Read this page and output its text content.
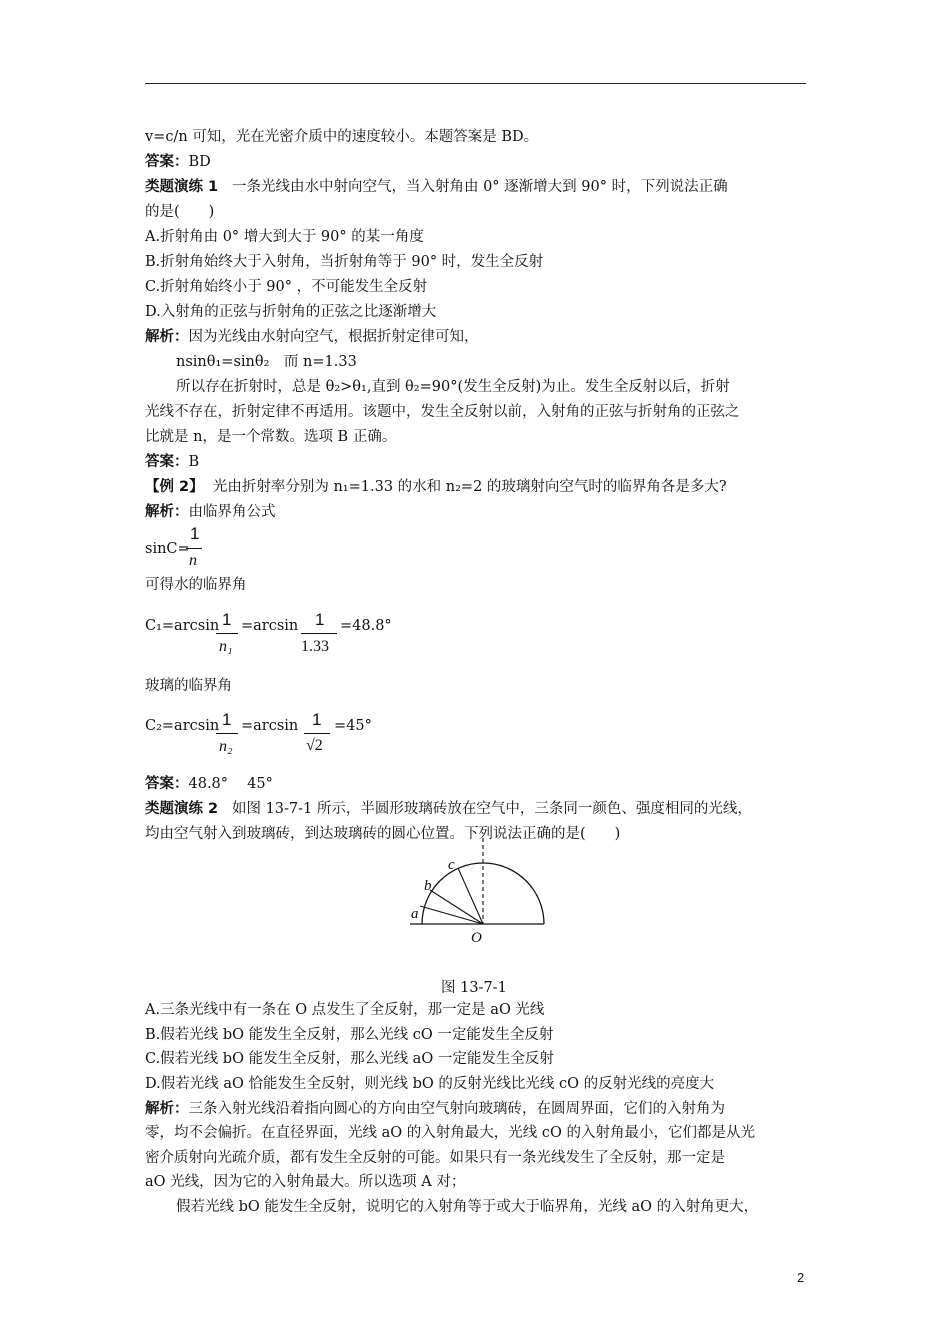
v=c/n 可知，光在光密介质中的速度较小。本题答案是 BD。
答案：BD
类题演练 1 一条光线由水中射向空气，当入射角由 0° 逐渐增大到 90° 时，下列说法正确
的是(　　)
A.折射角由 0° 增大到大于 90° 的某一角度
B.折射角始终大于入射角，当折射角等于 90° 时，发生全反射
C.折射角始终小于 90° ，不可能发生全反射
D.入射角的正弦与折射角的正弦之比逐渐增大
解析：因为光线由水射向空气，根据折射定律可知，
nsinθ₁=sinθ₂　而 n=1.33
所以存在折射时，总是 θ₂>θ₁,直到 θ₂=90°(发生全反射)为止。发生全反射以后，折射
光线不存在，折射定律不再适用。该题中，发生全反射以前，入射角的正弦与折射角的正弦之
比就是 n，是一个常数。选项 B 正确。
答案：B
【例 2】 光由折射率分别为 n₁=1.33 的水和 n₂=2 的玻璃射向空气时的临界角各是多大?
解析：由临界角公式
sinC=
1
n
可得水的临界角
C₁=arcsin 1
n₁
=arcsin 1
1.33
=48.8°
玻璃的临界角
C₂=arcsin 1
n₂
=arcsin 1
√2
=45°
答案：48.8°　 45°
类题演练 2 如图 13-7-1 所示，半圆形玻璃砖放在空气中，三条同一颜色、强度相同的光线，
均由空气射入到玻璃砖，到达玻璃砖的圆心位置。下列说法正确的是(　　)
a
b
c
O
图 13-7-1
A.三条光线中有一条在 O 点发生了全反射，那一定是 aO 光线
B.假若光线 bO 能发生全反射，那么光线 cO 一定能发生全反射
C.假若光线 bO 能发生全反射，那么光线 aO 一定能发生全反射
D.假若光线 aO 恰能发生全反射，则光线 bO 的反射光线比光线 cO 的反射光线的亮度大
解析：三条入射光线沿着指向圆心的方向由空气射向玻璃砖，在圆周界面，它们的入射角为
零，均不会偏折。在直径界面，光线 aO 的入射角最大，光线 cO 的入射角最小，它们都是从光
密介质射向光疏介质，都有发生全反射的可能。如果只有一条光线发生了全反射，那一定是
aO 光线，因为它的入射角最大。所以选项 A 对；
假若光线 bO 能发生全反射，说明它的入射角等于或大于临界角，光线 aO 的入射角更大，
2
